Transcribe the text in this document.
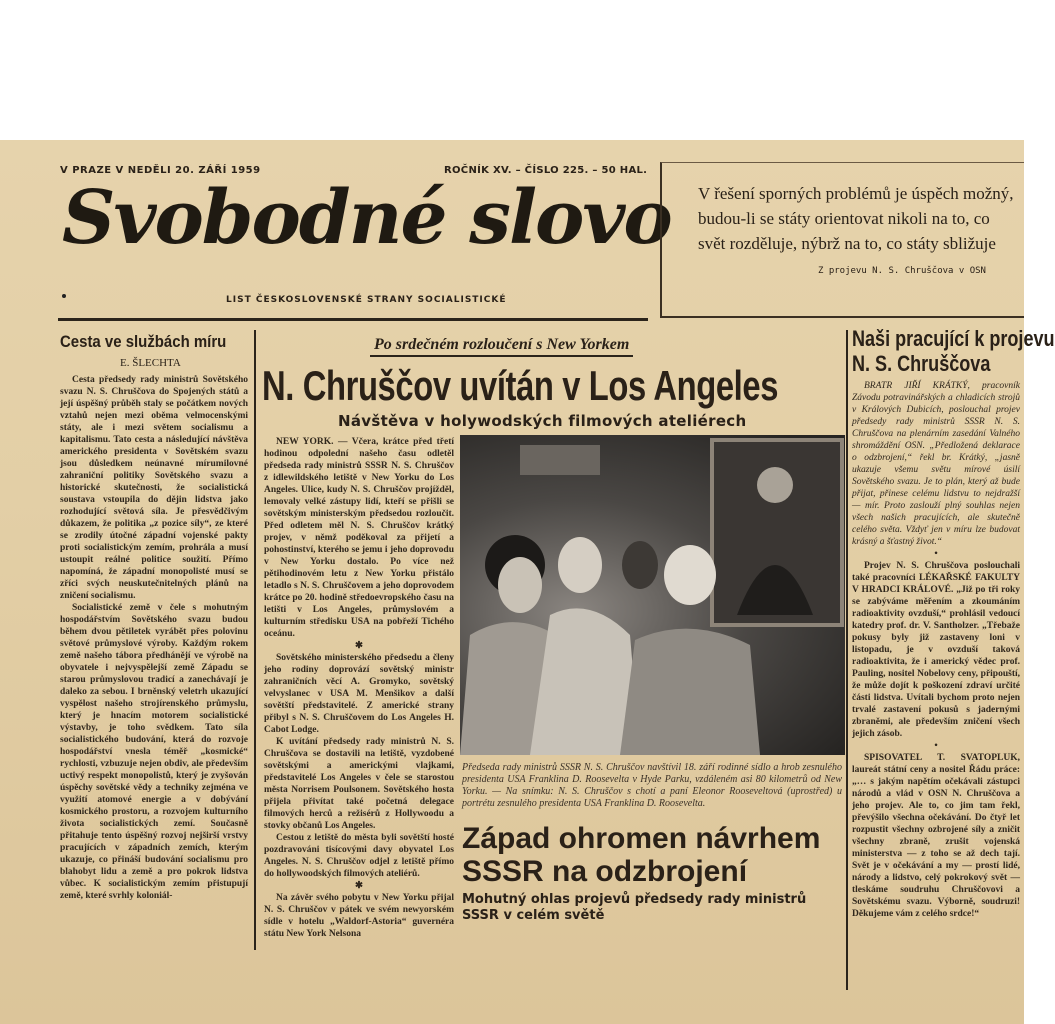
V PRAZE V NEDĚLI 20. ZÁŘÍ 1959	ROČNÍK XV. – ČÍSLO 225. – 50 HAL.
Svobodné slovo
LIST ČESKOSLOVENSKÉ STRANY SOCIALISTICKÉ
V řešení sporných problémů je úspěch možný, budou-li se státy orientovat nikoli na to, co svět rozděluje, nýbrž na to, co státy sbližuje
Z projevu N. S. Chruščova v OSN
Cesta ve službách míru
E. ŠLECHTA

Cesta předsedy rady ministrů Sovětského svazu N. S. Chruščova do Spojených států a její úspěšný průběh staly se počátkem nových vztahů nejen mezi oběma velmocenskými státy, ale i mezi světem socialismu a kapitalismu. Tato cesta a následující návštěva amerického presidenta v Sovětském svazu jsou důsledkem neúnavné mírumilovné zahraniční politiky Sovětského svazu a historické skutečnosti, že socialistická soustava vstoupila do dějin lidstva jako rozhodující světová síla. Je přesvědčivým důkazem, že politika „z pozice síly“, ze které se zrodily útočné západní vojenské pakty proti socialistickým zemím, prohrála a musí ustoupit reálné politice soužití. Přímo napomíná, že západní monopolisté musí se zříci svých neuskutečnitelných plánů na zničení socialismu.

Socialistické země v čele s mohutným hospodářstvím Sovětského svazu budou během dvou pětiletek vyrábět přes polovinu světové průmyslové výroby. Každým rokem země našeho tábora předhánějí ve výrobě na obyvatele i nejvyspělejší země Západu se starou průmyslovou tradicí a zanechávají je daleko za sebou. I brněnský veletrh ukazující vyspělost našeho strojírenského průmyslu, který je hnacím motorem socialistické výstavby, je toho svědkem. Tato síla socialistického budování, která do rozvoje hospodářství vnesla téměř „kosmické“ rychlosti, vzbuzuje nejen obdiv, ale především uctivý respekt monopolistů, který je zvyšován úspěchy sovětské vědy a techniky zejména ve využití atomové energie a v dobývání kosmického prostoru, a rozvojem kulturního života socialistických zemí. Současně přitahuje tento úspěšný rozvoj nejširší vrstvy pracujících v západních zemích, kterým ukazuje, co přináší budování socialismu pro blahobyt lidu a země a pro pokrok lidstva vůbec. K socialistickým zemím přistupují země, které svrhly koloniál-

Po srdečném rozloučení s New Yorkem
N. Chruščov uvítán v Los Angeles
Návštěva v holywodských filmových ateliérech

NEW YORK. — Včera, krátce před třetí hodinou odpolední našeho času odletěl předseda rady ministrů SSSR N. S. Chruščov z idlewildského letiště v New Yorku do Los Angeles. Ulice, kudy N. S. Chruščov projížděl, lemovaly velké zástupy lidí, kteří se přišli se sovětským ministerským předsedou rozloučit. Před odletem měl N. S. Chruščov krátký projev, v němž poděkoval za přijetí a pohostinství, kterého se jemu i jeho doprovodu v New Yorku dostalo. Po více než pětihodinovém letu z New Yorku přistálo letadlo s N. S. Chruščovem a jeho doprovodem krátce po 20. hodině středoevropského času na letišti v Los Angeles, průmyslovém a kulturním středisku USA na pobřeží Tichého oceánu.

✱

Sovětského ministerského předsedu a členy jeho rodiny doprovází sovětský ministr zahraničních věcí A. Gromyko, sovětský velvyslanec v USA M. Menšikov a další sovětští představitelé. Z americké strany přibyl s N. S. Chruščovem do Los Angeles H. Cabot Lodge.

K uvítání předsedy rady ministrů N. S. Chruščova se dostavili na letiště, vyzdobené sovětskými a americkými vlajkami, představitelé Los Angeles v čele se starostou města Norrisem Poulsonem. Sovětského hosta přijela přivítat také početná delegace filmových herců a režisérů z Hollywoodu a stovky občanů Los Angeles.

Cestou z letiště do města byli sovětští hosté pozdravováni tisícovými davy obyvatel Los Angeles. N. S. Chruščov odjel z letiště přímo do hollywoodských filmových ateliérů.

✱

Na závěr svého pobytu v New Yorku přijal N. S. Chruščov v pátek ve svém newyorském sídle v hotelu „Waldorf-Astoria“ guvernéra státu New York Nelsona

Předseda rady ministrů SSSR N. S. Chruščov navštívil 18. září rodinné sídlo a hrob zesnulého presidenta USA Franklina D. Roosevelta v Hyde Parku, vzdáleném asi 80 kilometrů od New Yorku. — Na snímku: N. S. Chruščov s chotí a paní Eleonor Rooseveltová (uprostřed) u portrétu zesnulého presidenta USA Franklina D. Roosevelta.
Západ ohromen návrhem SSSR na odzbrojení
Mohutný ohlas projevů předsedy rady ministrů SSSR v celém světě
Naši pracující k projevu
N. S. Chruščova

BRATR JIŘÍ KRÁTKÝ, pracovník Závodu potravinářských a chladicích strojů v Králových Dubicích, poslouchal projev předsedy rady ministrů SSSR N. S. Chruščova na plenárním zasedání Valného shromáždění OSN. „Předložená deklarace o odzbrojení,“ řekl br. Krátký, „jasně ukazuje všemu světu mírové úsilí Sovětského svazu. Je to plán, který až bude přijat, přinese celému lidstvu to nejdražší — mír. Proto zaslouží plný souhlas nejen všech našich pracujících, ale skutečně celého světa. Vždyť jen v míru lze budovat krásný a šťastný život.“

•

Projev N. S. Chruščova poslouchali také pracovníci LÉKAŘSKÉ FAKULTY V HRADCI KRÁLOVÉ. „Již po tři roky se zabýváme měřením a zkoumáním radioaktivity ovzduší,“ prohlásil vedoucí katedry prof. dr. V. Santholzer. „Třebaže pokusy byly již zastaveny loni v listopadu, je v ovzduší taková radioaktivita, že i americký vědec prof. Pauling, nositel Nobelovy ceny, připouští, že může dojít k poškození zdraví určité části lidstva. Uvítali bychom proto nejen trvalé zastavení pokusů s jadernými zbraněmi, ale především zničení všech jejich zásob.

•

SPISOVATEL T. SVATOPLUK, laureát státní ceny a nositel Řádu práce: „… s jakým napětím očekávali zástupci národů a vlád v OSN N. Chruščova a jeho projev. Ale to, co jim tam řekl, převýšilo všechna očekávání. Do čtyř let rozpustit všechny ozbrojené síly a zničit všechny zbraně, zrušit vojenská ministerstva — z toho se až dech tají. Svět je v očekávání a my — prostí lidé, národy a lidstvo, celý pokrokový svět — tleskáme soudruhu Chruščovovi a Sovětskému svazu. Výborně, soudruzi! Děkujeme vám z celého srdce!“
